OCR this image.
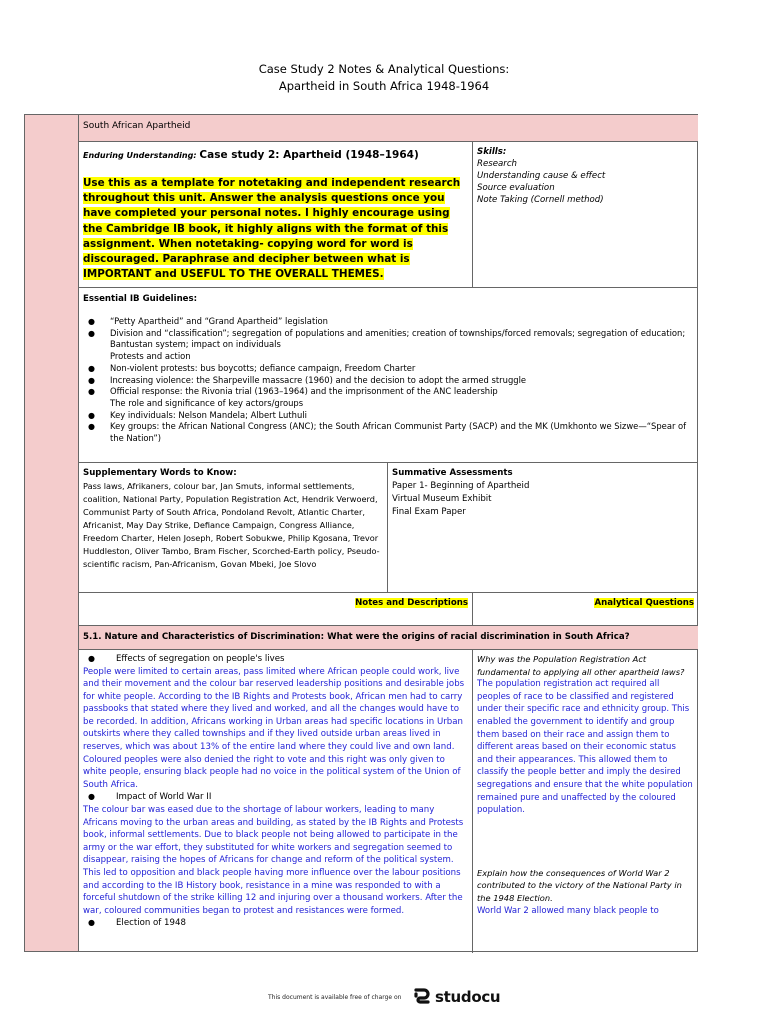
Case Study 2 Notes & Analytical Questions:
Apartheid in South Africa 1948-1964
South African Apartheid
Enduring Understanding: Case study 2: Apartheid (1948–1964)
Use this as a template for notetaking and independent research throughout this unit. Answer the analysis questions once you have completed your personal notes. I highly encourage using the Cambridge IB book, it highly aligns with the format of this assignment. When notetaking- copying word for word is discouraged. Paraphrase and decipher between what is IMPORTANT and USEFUL TO THE OVERALL THEMES.
Skills:
Research
Understanding cause & effect
Source evaluation
Note Taking (Cornell method)
Essential IB Guidelines:
● “Petty Apartheid” and “Grand Apartheid” legislation
● Division and “classification”; segregation of populations and amenities; creation of townships/forced removals; segregation of education; Bantustan system; impact on individuals
Protests and action
● Non-violent protests: bus boycotts; defiance campaign, Freedom Charter
● Increasing violence: the Sharpeville massacre (1960) and the decision to adopt the armed struggle
● Official response: the Rivonia trial (1963–1964) and the imprisonment of the ANC leadership
The role and significance of key actors/groups
● Key individuals: Nelson Mandela; Albert Luthuli
● Key groups: the African National Congress (ANC); the South African Communist Party (SACP) and the MK (Umkhonto we Sizwe—“Spear of the Nation”)
Supplementary Words to Know:
Pass laws, Afrikaners, colour bar, Jan Smuts, informal settlements, coalition, National Party, Population Registration Act, Hendrik Verwoerd, Communist Party of South Africa, Pondoland Revolt, Atlantic Charter, Africanist, May Day Strike, Defiance Campaign, Congress Alliance, Freedom Charter, Helen Joseph, Robert Sobukwe, Philip Kgosana, Trevor Huddleston, Oliver Tambo, Bram Fischer, Scorched-Earth policy, Pseudo-scientific racism, Pan-Africanism, Govan Mbeki, Joe Slovo
Summative Assessments
Paper 1- Beginning of Apartheid
Virtual Museum Exhibit
Final Exam Paper
Notes and Descriptions	Analytical Questions
5.1. Nature and Characteristics of Discrimination: What were the origins of racial discrimination in South Africa?
● Effects of segregation on people's lives
People were limited to certain areas, pass limited where African people could work, live and their movement and the colour bar reserved leadership positions and desirable jobs for white people. According to the IB Rights and Protests book, African men had to carry passbooks that stated where they lived and worked, and all the changes would have to be recorded. In addition, Africans working in Urban areas had specific locations in Urban outskirts where they called townships and if they lived outside urban areas lived in reserves, which was about 13% of the entire land where they could live and own land. Coloured peoples were also denied the right to vote and this right was only given to white people, ensuring black people had no voice in the political system of the Union of South Africa.
● Impact of World War II
The colour bar was eased due to the shortage of labour workers, leading to many Africans moving to the urban areas and building, as stated by the IB Rights and Protests book, informal settlements. Due to black people not being allowed to participate in the army or the war effort, they substituted for white workers and segregation seemed to disappear, raising the hopes of Africans for change and reform of the political system. This led to opposition and black people having more influence over the labour positions and according to the IB History book, resistance in a mine was responded to with a forceful shutdown of the strike killing 12 and injuring over a thousand workers. After the war, coloured communities began to protest and resistances were formed.
● Election of 1948
Why was the Population Registration Act fundamental to applying all other apartheid laws?
The population registration act required all peoples of race to be classified and registered under their specific race and ethnicity group. This enabled the government to identify and group them based on their race and assign them to different areas based on their economic status and their appearances. This allowed them to classify the people better and imply the desired segregations and ensure that the white population remained pure and unaffected by the coloured population.
Explain how the consequences of World War 2 contributed to the victory of the National Party in the 1948 Election.
World War 2 allowed many black people to
This document is available free of charge on studocu
